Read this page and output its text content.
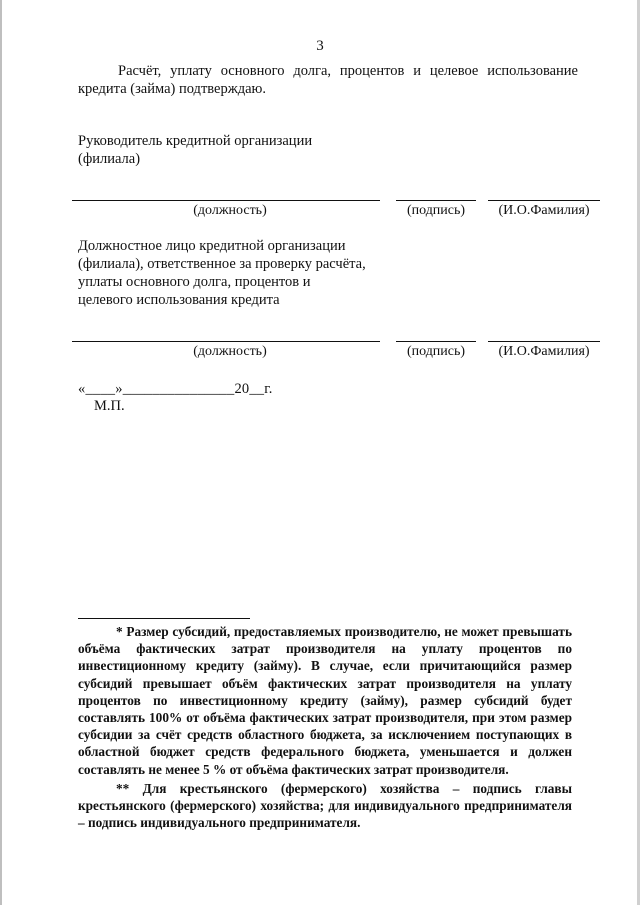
3
Расчёт, уплату основного долга, процентов и целевое использование кредита (займа) подтверждаю.
Руководитель кредитной организации
(филиала)
(должность)	(подпись)	(И.О.Фамилия)
Должностное лицо кредитной организации
(филиала), ответственное за проверку расчёта,
уплаты основного долга, процентов и
целевого использования кредита
(должность)	(подпись)	(И.О.Фамилия)
«____»_______________20__г.
М.П.

* Размер субсидий, предоставляемых производителю, не может превышать объёма фактических затрат производителя на уплату процентов по инвестиционному кредиту (займу). В случае, если причитающийся размер субсидий превышает объём фактических затрат производителя на уплату процентов по инвестиционному кредиту (займу), размер субсидий будет составлять 100% от объёма фактических затрат производителя, при этом размер субсидии за счёт средств областного бюджета, за исключением поступающих в областной бюджет средств федерального бюджета, уменьшается и должен составлять не менее 5 % от объёма фактических затрат производителя.

** Для крестьянского (фермерского) хозяйства – подпись главы крестьянского (фермерского) хозяйства; для индивидуального предпринимателя – подпись индивидуального предпринимателя.
